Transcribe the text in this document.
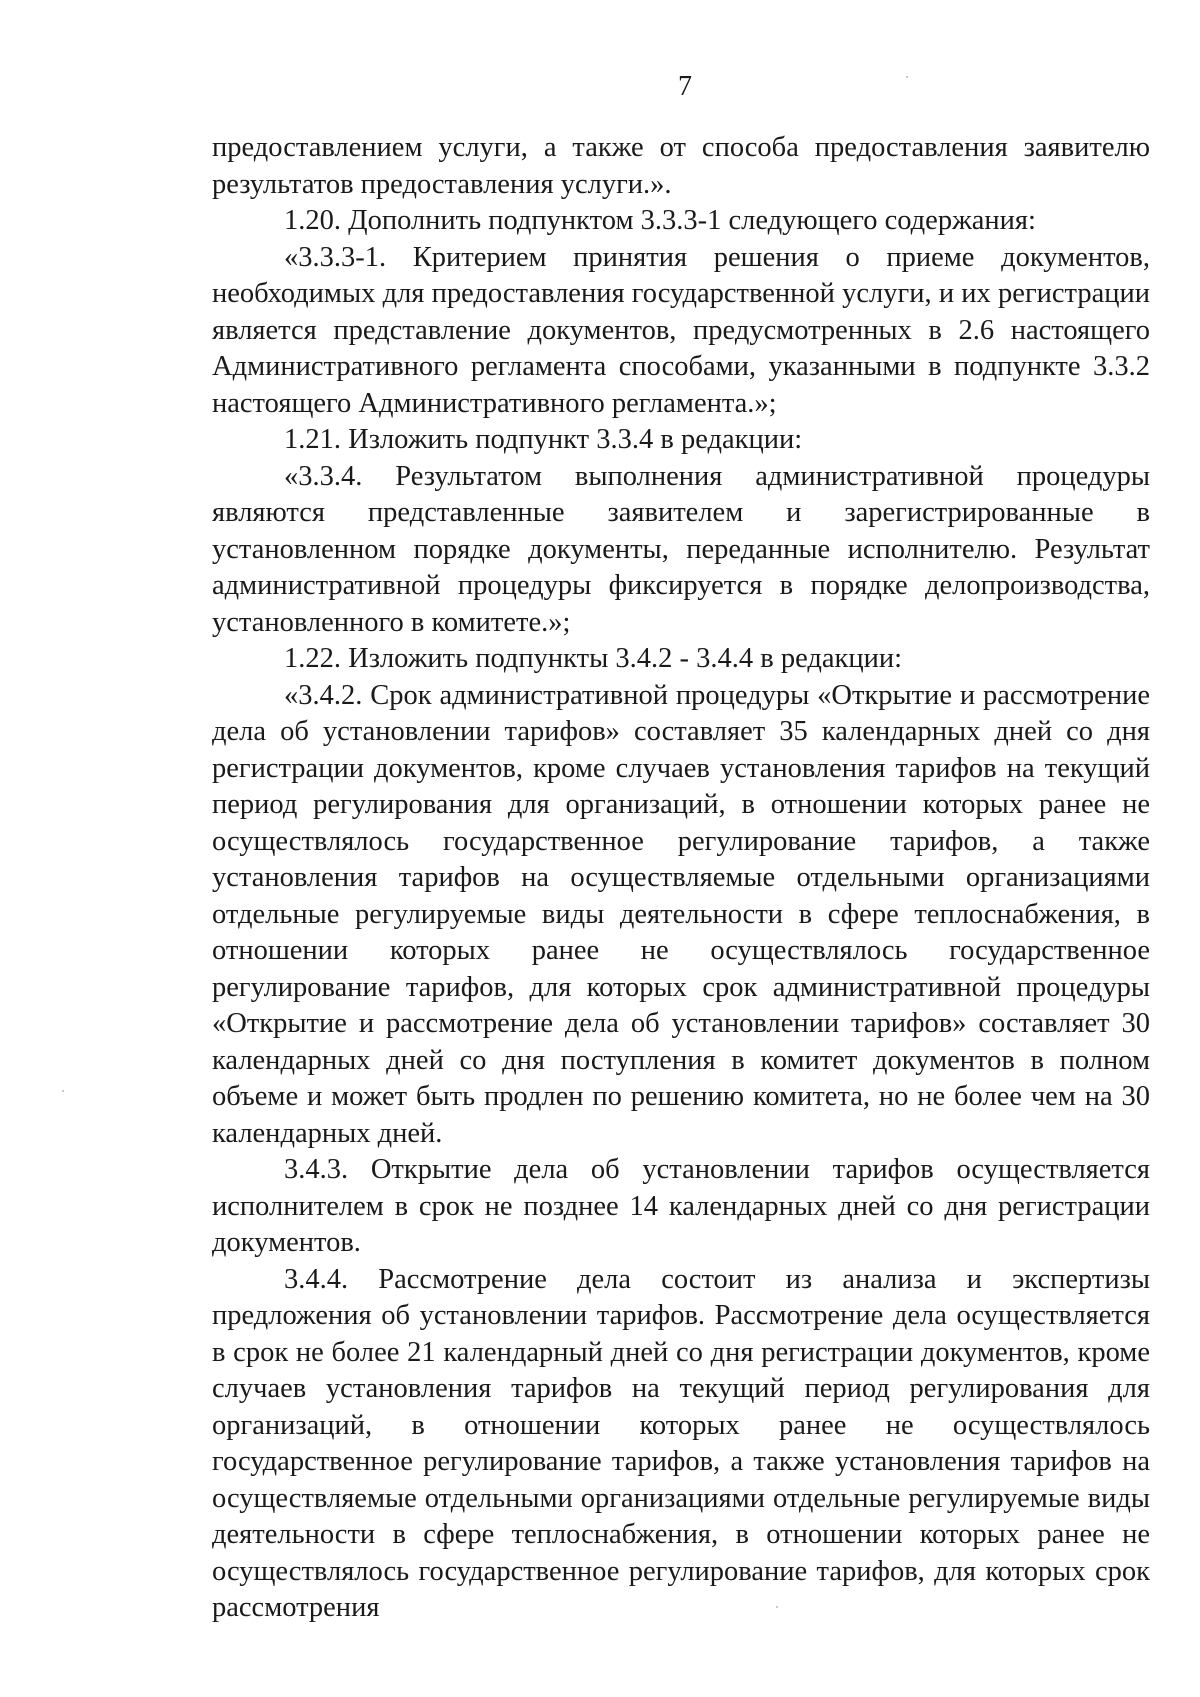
7

предоставлением услуги, а также от способа предоставления заявителю результатов предоставления услуги.».

1.20. Дополнить подпунктом 3.3.3-1 следующего содержания:

«3.3.3-1. Критерием принятия решения о приеме документов, необходимых для предоставления государственной услуги, и их регистрации является представление документов, предусмотренных в 2.6 настоящего Административного регламента способами, указанными в подпункте 3.3.2 настоящего Административного регламента.»;

1.21. Изложить подпункт 3.3.4 в редакции:

«3.3.4. Результатом выполнения административной процедуры являются представленные заявителем и зарегистрированные в установленном порядке документы, переданные исполнителю. Результат административной процедуры фиксируется в порядке делопроизводства, установленного в комитете.»;

1.22. Изложить подпункты 3.4.2 - 3.4.4 в редакции:

«3.4.2. Срок административной процедуры «Открытие и рассмотрение дела об установлении тарифов» составляет 35 календарных дней со дня регистрации документов, кроме случаев установления тарифов на текущий период регулирования для организаций, в отношении которых ранее не осуществлялось государственное регулирование тарифов, а также установления тарифов на осуществляемые отдельными организациями отдельные регулируемые виды деятельности в сфере теплоснабжения, в отношении которых ранее не осуществлялось государственное регулирование тарифов, для которых срок административной процедуры «Открытие и рассмотрение дела об установлении тарифов» составляет 30 календарных дней со дня поступления в комитет документов в полном объеме и может быть продлен по решению комитета, но не более чем на 30 календарных дней.

3.4.3. Открытие дела об установлении тарифов осуществляется исполнителем в срок не позднее 14 календарных дней со дня регистрации документов.

3.4.4. Рассмотрение дела состоит из анализа и экспертизы предложения об установлении тарифов. Рассмотрение дела осуществляется в срок не более 21 календарный дней со дня регистрации документов, кроме случаев установления тарифов на текущий период регулирования для организаций, в отношении которых ранее не осуществлялось государственное регулирование тарифов, а также установления тарифов на осуществляемые отдельными организациями отдельные регулируемые виды деятельности в сфере теплоснабжения, в отношении которых ранее не осуществлялось государственное регулирование тарифов, для которых срок рассмотрения
